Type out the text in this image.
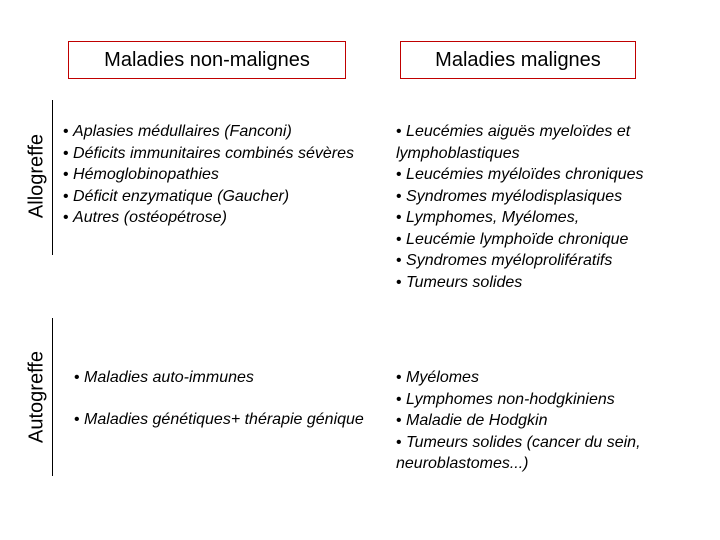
Maladies non-malignes	Maladies malignes
Allogreffe
Autogreffe
• Aplasies médullaires (Fanconi)
• Déficits immunitaires combinés sévères
• Hémoglobinopathies
• Déficit enzymatique (Gaucher)
• Autres (ostéopétrose)
• Leucémies aiguës myeloïdes et lymphoblastiques
• Leucémies myéloïdes chroniques
• Syndromes myélodisplasiques
• Lymphomes, Myélomes,
• Leucémie lymphoïde chronique
• Syndromes myéloprolifératifs
• Tumeurs solides
• Maladies auto-immunes
• Maladies génétiques+ thérapie génique
• Myélomes
• Lymphomes non-hodgkiniens
• Maladie de Hodgkin
• Tumeurs solides (cancer du sein, neuroblastomes...)
